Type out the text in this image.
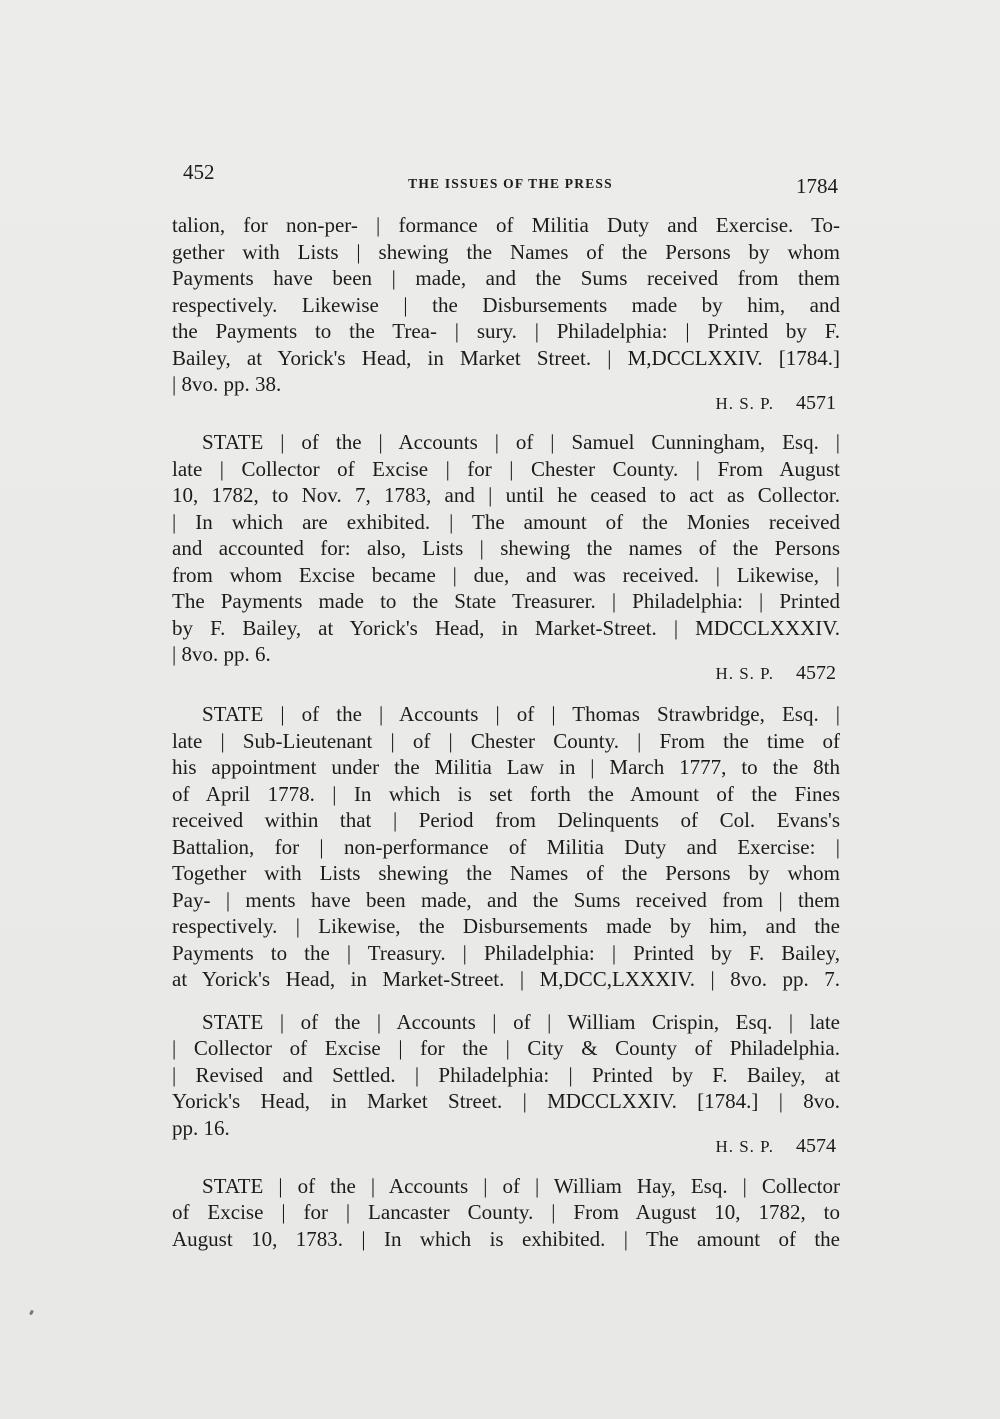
452	THE ISSUES OF THE PRESS	1784
talion, for non-per- | formance of Militia Duty and Exercise. To-
gether with Lists | shewing the Names of the Persons by whom
Payments have been | made, and the Sums received from them
respectively. Likewise | the Disbursements made by him, and
the Payments to the Trea- | sury. | Philadelphia: | Printed by F.
Bailey, at Yorick's Head, in Market Street. | M,DCCLXXIV. [1784.]
| 8vo. pp. 38.
H. S. P. 4571
STATE | of the | Accounts | of | Samuel Cunningham, Esq. |
late | Collector of Excise | for | Chester County. | From August
10, 1782, to Nov. 7, 1783, and | until he ceased to act as Collector.
| In which are exhibited. | The amount of the Monies received
and accounted for: also, Lists | shewing the names of the Persons
from whom Excise became | due, and was received. | Likewise, |
The Payments made to the State Treasurer. | Philadelphia: | Printed
by F. Bailey, at Yorick's Head, in Market-Street. | MDCCLXXXIV.
| 8vo. pp. 6.
H. S. P. 4572
STATE | of the | Accounts | of | Thomas Strawbridge, Esq. |
late | Sub-Lieutenant | of | Chester County. | From the time of
his appointment under the Militia Law in | March 1777, to the 8th
of April 1778. | In which is set forth the Amount of the Fines
received within that | Period from Delinquents of Col. Evans's
Battalion, for | non-performance of Militia Duty and Exercise: |
Together with Lists shewing the Names of the Persons by whom
Pay- | ments have been made, and the Sums received from | them
respectively. | Likewise, the Disbursements made by him, and the
Payments to the | Treasury. | Philadelphia: | Printed by F. Bailey,
at Yorick's Head, in Market-Street. | M,DCC,LXXXIV. | 8vo. pp. 7.
STATE | of the | Accounts | of | William Crispin, Esq. | late
| Collector of Excise | for the | City & County of Philadelphia.
| Revised and Settled. | Philadelphia: | Printed by F. Bailey, at
Yorick's Head, in Market Street. | MDCCLXXIV. [1784.] | 8vo.
pp. 16.
H. S. P. 4574
STATE | of the | Accounts | of | William Hay, Esq. | Collector
of Excise | for | Lancaster County. | From August 10, 1782, to
August 10, 1783. | In which is exhibited. | The amount of the
